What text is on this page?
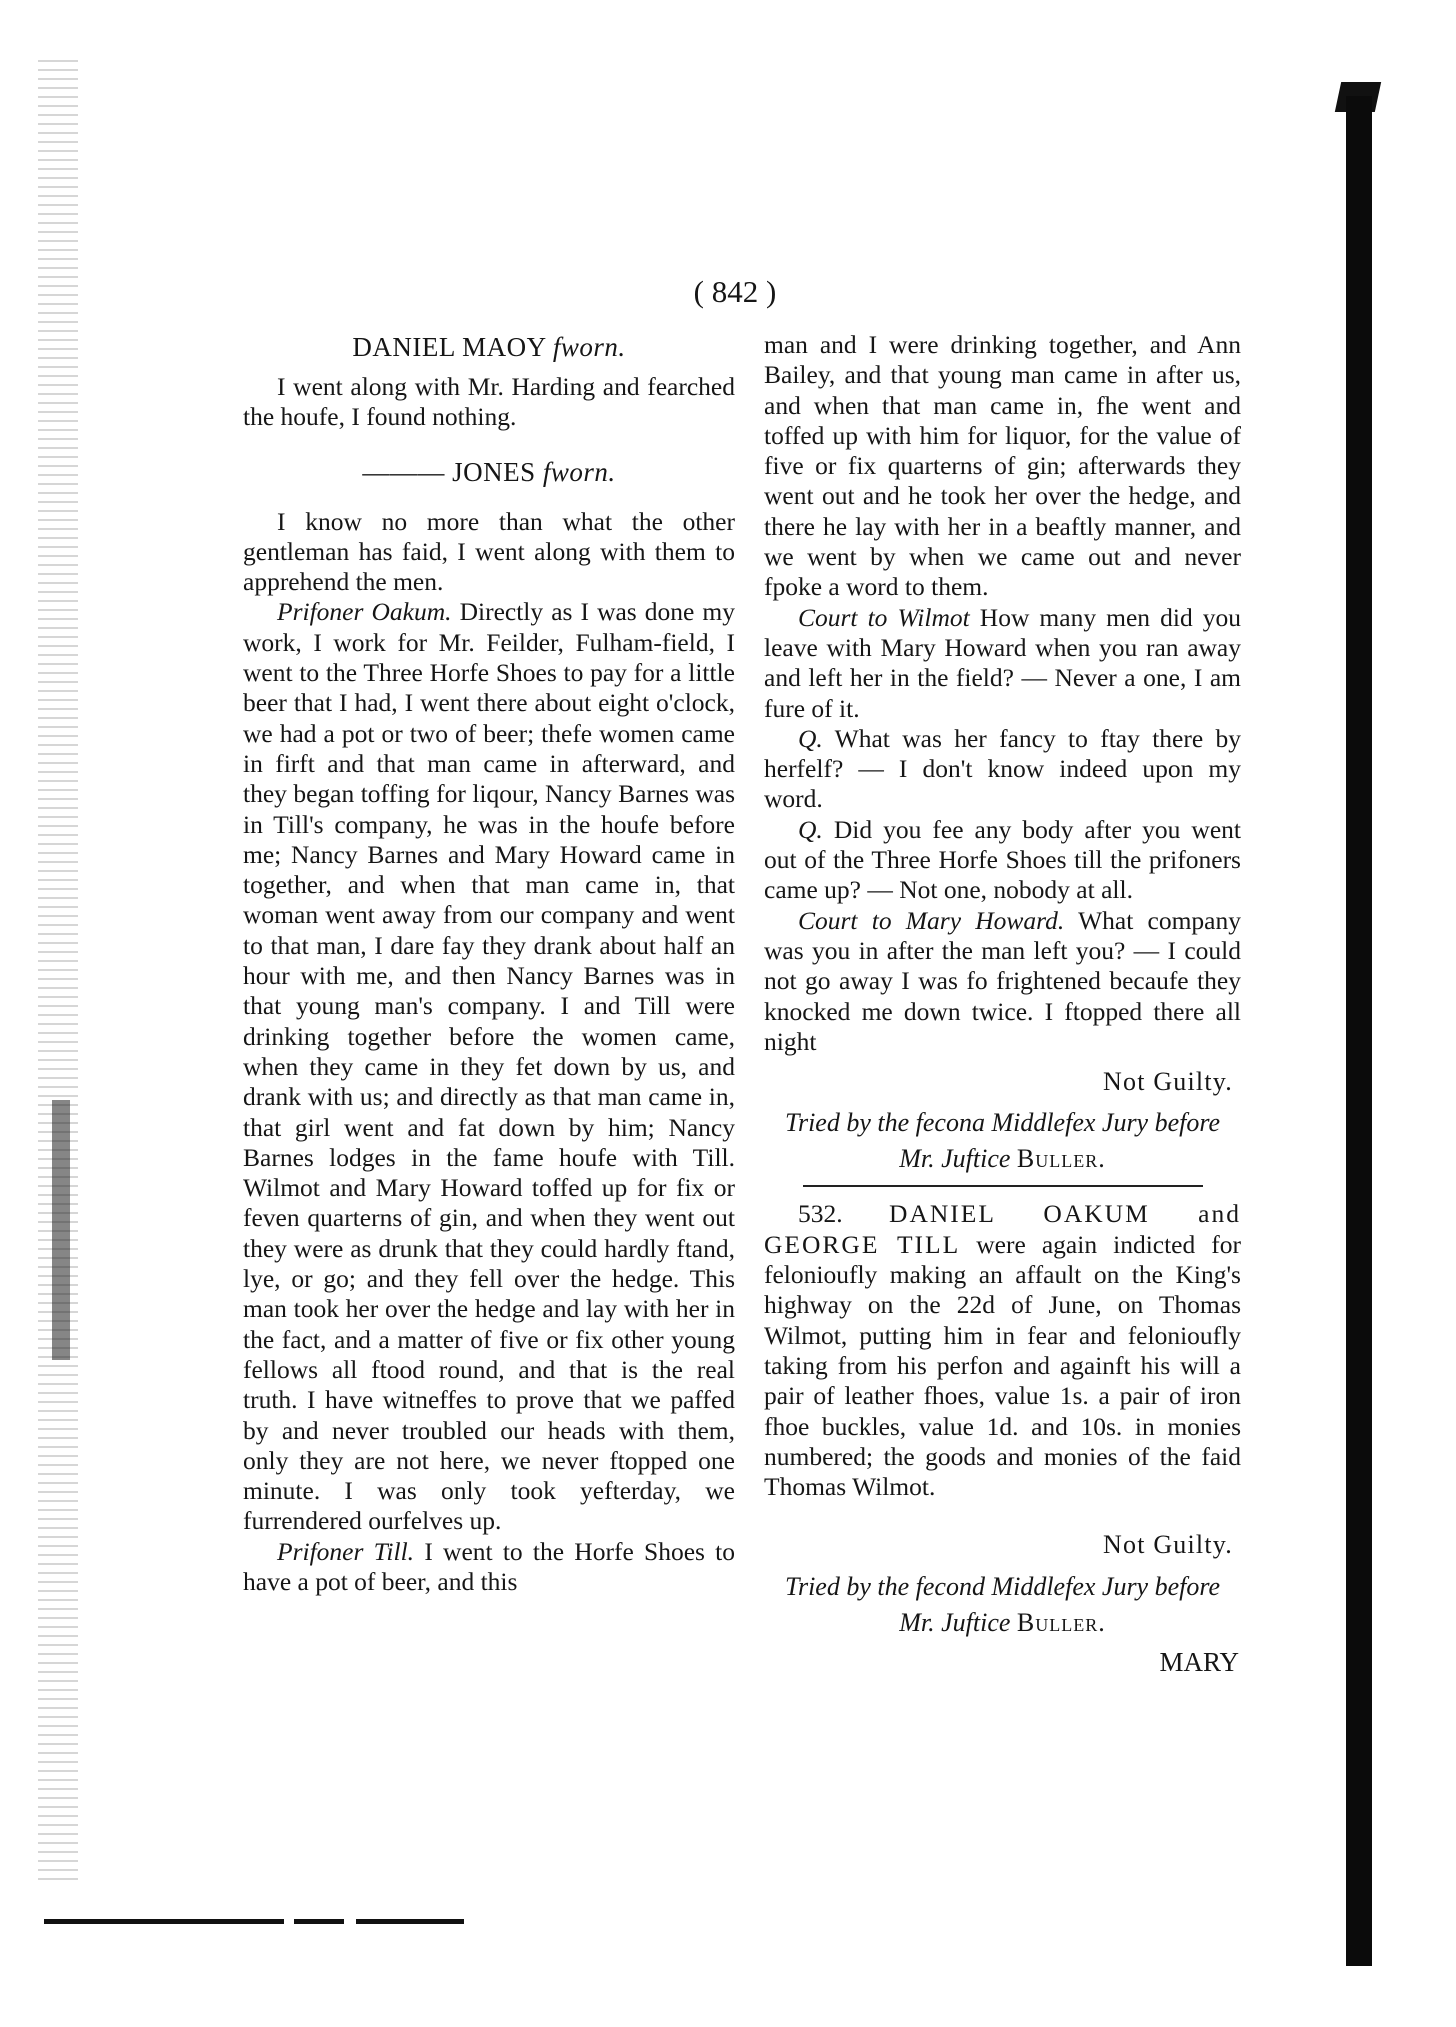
( 842 )
DANIEL MAOY fworn.

I went along with Mr. Harding and fearched the houfe, I found nothing.

——— JONES fworn.

I know no more than what the other gentleman has faid, I went along with them to apprehend the men.

Prifoner Oakum. Directly as I was done my work, I work for Mr. Feilder, Fulham-field, I went to the Three Horfe Shoes to pay for a little beer that I had, I went there about eight o'clock, we had a pot or two of beer; thefe women came in firft and that man came in afterward, and they began toffing for liqour, Nancy Barnes was in Till's company, he was in the houfe before me; Nancy Barnes and Mary Howard came in together, and when that man came in, that woman went away from our company and went to that man, I dare fay they drank about half an hour with me, and then Nancy Barnes was in that young man's company. I and Till were drinking together before the women came, when they came in they fet down by us, and drank with us; and directly as that man came in, that girl went and fat down by him; Nancy Barnes lodges in the fame houfe with Till. Wilmot and Mary Howard toffed up for fix or feven quarterns of gin, and when they went out they were as drunk that they could hardly ftand, lye, or go; and they fell over the hedge. This man took her over the hedge and lay with her in the fact, and a matter of five or fix other young fellows all ftood round, and that is the real truth. I have witneffes to prove that we paffed by and never troubled our heads with them, only they are not here, we never ftopped one minute. I was only took yefterday, we furrendered ourfelves up.

Prifoner Till. I went to the Horfe Shoes to have a pot of beer, and this

man and I were drinking together, and Ann Bailey, and that young man came in after us, and when that man came in, fhe went and toffed up with him for liquor, for the value of five or fix quarterns of gin; afterwards they went out and he took her over the hedge, and there he lay with her in a beaftly manner, and we went by when we came out and never fpoke a word to them.

Court to Wilmot How many men did you leave with Mary Howard when you ran away and left her in the field? — Never a one, I am fure of it.

Q. What was her fancy to ftay there by herfelf? — I don't know indeed upon my word.

Q. Did you fee any body after you went out of the Three Horfe Shoes till the prifoners came up? — Not one, nobody at all.

Court to Mary Howard. What company was you in after the man left you? — I could not go away I was fo frightened becaufe they knocked me down twice. I ftopped there all night

Not Guilty.
Tried by the fecona Middlefex Jury before
Mr. Juftice Buller.

532. DANIEL OAKUM and GEORGE TILL were again indicted for felonioufly making an affault on the King's highway on the 22d of June, on Thomas Wilmot, putting him in fear and felonioufly taking from his perfon and againft his will a pair of leather fhoes, value 1s. a pair of iron fhoe buckles, value 1d. and 10s. in monies numbered; the goods and monies of the faid Thomas Wilmot.

Not Guilty.
Tried by the fecond Middlefex Jury before
Mr. Juftice Buller.
MARY
